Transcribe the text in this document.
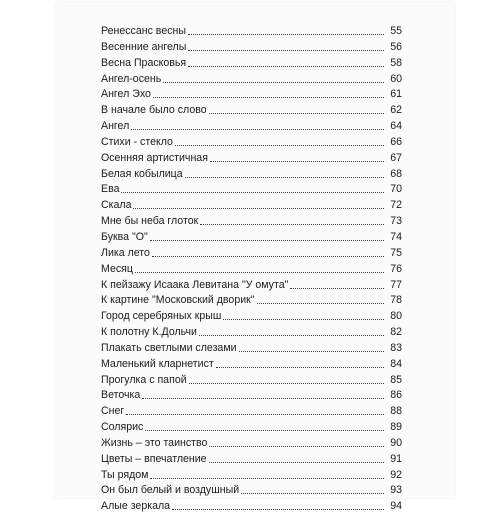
Ренессанс весны	55
Весенние ангелы	56
Весна Прасковья	58
Ангел-осень	60
Ангел Эхо	61
В начале было слово	62
Ангел	64
Стихи - стекло	66
Осенняя артистичная	67
Белая кобылица	68
Ева	70
Скала	72
Мне бы неба глоток	73
Буква "О"	74
Лика лето	75
Месяц	76
К пейзажу Исаака Левитана "У омута"	77
К картине "Московский дворик"	78
Город серебряных крыш	80
К полотну К.Дольчи	82
Плакать светлыми слезами	83
Маленький кларнетист	84
Прогулка с папой	85
Веточка	86
Снег	88
Солярис	89
Жизнь – это таинство	90
Цветы – впечатление	91
Ты рядом	92
Он был белый и воздушный	93
Алые зеркала	94
